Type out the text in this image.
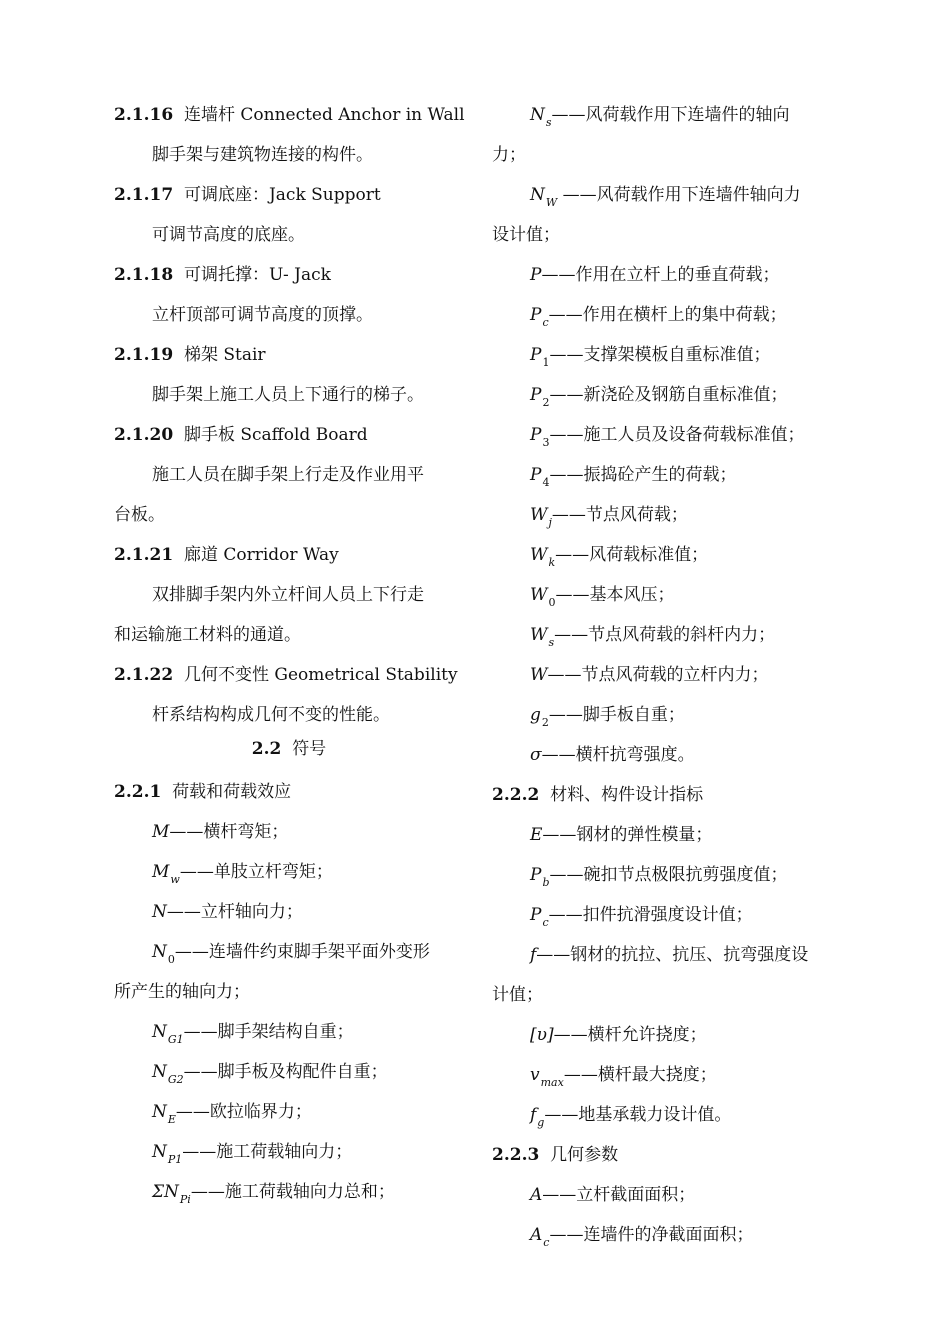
2.1.16 连墙杆 Connected Anchor in Wall
脚手架与建筑物连接的构件。
2.1.17 可调底座：Jack Support
可调节高度的底座。
2.1.18 可调托撑：U- Jack
立杆顶部可调节高度的顶撑。
2.1.19 梯架 Stair
脚手架上施工人员上下通行的梯子。
2.1.20 脚手板 Scaffold Board
施工人员在脚手架上行走及作业用平
台板。
2.1.21 廊道 Corridor Way
双排脚手架内外立杆间人员上下行走
和运输施工材料的通道。
2.1.22 几何不变性 Geometrical Stability
杆系结构构成几何不变的性能。
2.2 符号
2.2.1 荷载和荷载效应
M——横杆弯矩；
$M_w——$单肢立杆弯矩；
N——立杆轴向力；
$N_0——$连墙件约束脚手架平面外变形
所产生的轴向力；
$N_{G1}——$脚手架结构自重；
$N_{G2}——$脚手板及构配件自重；
$N_E——$欧拉临界力；
$N_{P1}——$施工荷载轴向力；
$\Sigma N_{Pi}——$施工荷载轴向力总和；
$N_s——$风荷载作用下连墙件的轴向
力；
$N_W$ ——风荷载作用下连墙件轴向力
设计值；
P——作用在立杆上的垂直荷载；
$P_c——$作用在横杆上的集中荷载；
$P_1——$支撑架模板自重标准值；
$P_2——$新浇砼及钢筋自重标准值；
$P_3——$施工人员及设备荷载标准值；
$P_4——$振捣砼产生的荷载；
$W_j——$节点风荷载；
$W_k——$风荷载标准值；
$W_0——$基本风压；
$W_s——$节点风荷载的斜杆内力；
W——节点风荷载的立杆内力；
$g_2——$脚手板自重；
σ——横杆抗弯强度。
2.2.2 材料、构件设计指标
E——钢材的弹性模量；
$P_b——$碗扣节点极限抗剪强度值；
$P_c——$扣件抗滑强度设计值；
f——钢材的抗拉、抗压、抗弯强度设
计值；
[υ]——横杆允许挠度；
$v_{max}——$横杆最大挠度；
$f_g——$地基承载力设计值。
2.2.3 几何参数
A——立杆截面面积；
$A_c——$连墙件的净截面面积；
